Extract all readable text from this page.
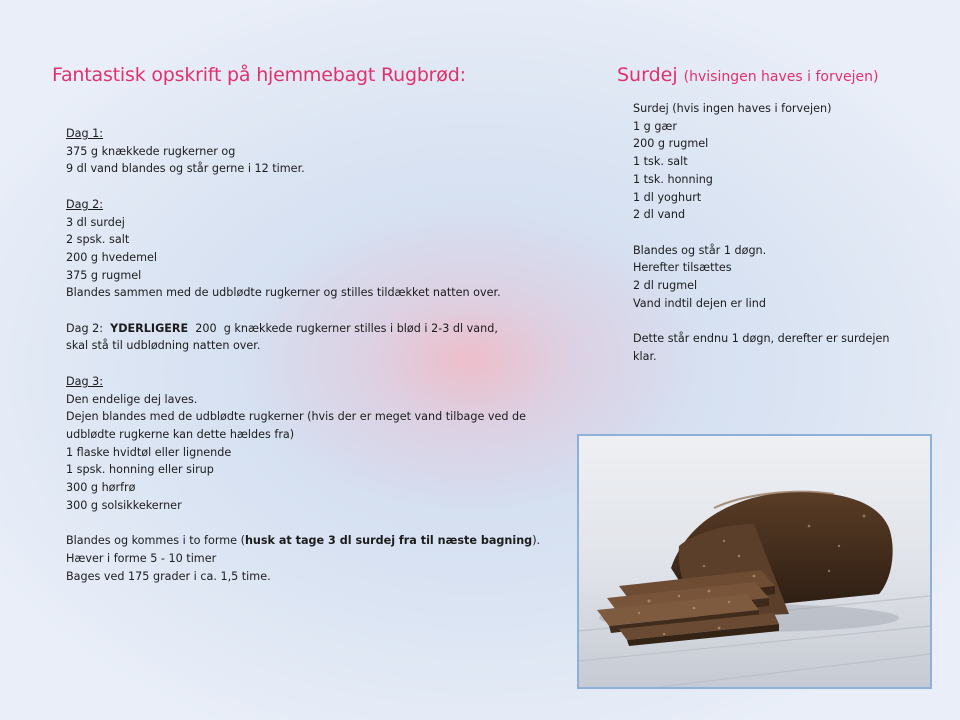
Fantastisk opskrift på hjemmebagt Rugbrød:	Surdej (hvisingen haves i forvejen)

Dag 1:

375 g knækkede rugkerner og

9 dl vand blandes og står gerne i 12 timer.

Dag 2:

3 dl surdej

2 spsk. salt

200 g hvedemel

375 g rugmel

Blandes sammen med de udblødte rugkerner og stilles tildækket natten over.

Dag 2:  YDERLIGERE  200  g knækkede rugkerner stilles i blød i 2-3 dl vand,

skal stå til udblødning natten over.

Dag 3:

Den endelige dej laves.

Dejen blandes med de udblødte rugkerner (hvis der er meget vand tilbage ved de

udblødte rugkerne kan dette hældes fra)

1 flaske hvidtøl eller lignende

1 spsk. honning eller sirup

300 g hørfrø

300 g solsikkekerner

Blandes og kommes i to forme (husk at tage 3 dl surdej fra til næste bagning).

Hæver i forme 5 - 10 timer

Bages ved 175 grader i ca. 1,5 time.

Surdej (hvis ingen haves i forvejen)

1 g gær

200 g rugmel

1 tsk. salt

1 tsk. honning

1 dl yoghurt

2 dl vand

Blandes og står 1 døgn.

Herefter tilsættes

2 dl rugmel

Vand indtil dejen er lind

Dette står endnu 1 døgn, derefter er surdejen

klar.
